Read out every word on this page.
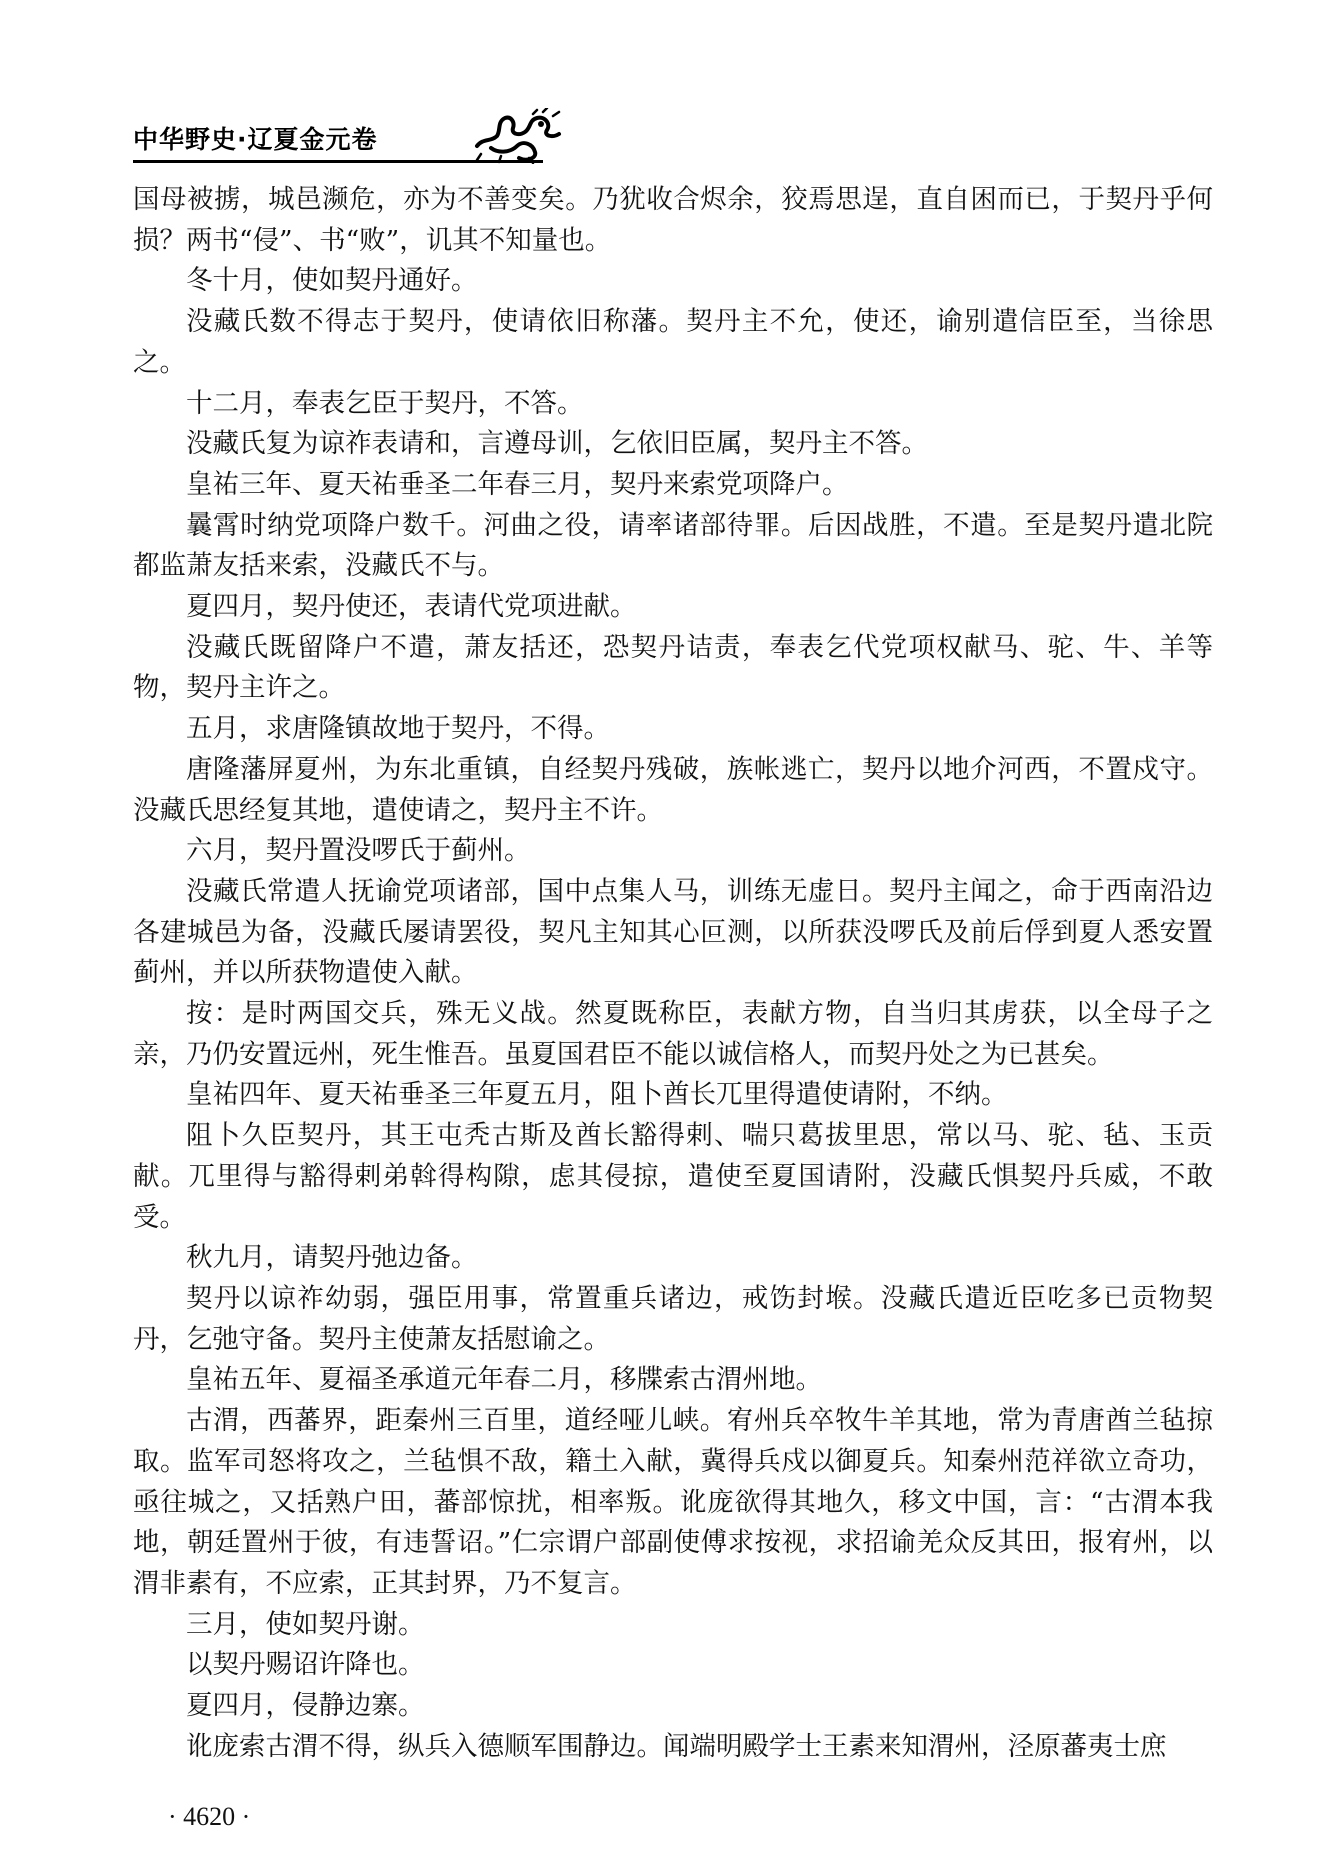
中华野史·辽夏金元卷

国母被掳，城邑濒危，亦为不善变矣。乃犹收合烬余，狡焉思逞，直自困而已，于契丹乎何损？两书“侵”、书“败”，讥其不知量也。

冬十月，使如契丹通好。

没藏氏数不得志于契丹，使请依旧称藩。契丹主不允，使还，谕别遣信臣至，当徐思之。

十二月，奉表乞臣于契丹，不答。

没藏氏复为谅祚表请和，言遵母训，乞依旧臣属，契丹主不答。

皇祐三年、夏天祐垂圣二年春三月，契丹来索党项降户。

曩霄时纳党项降户数千。河曲之役，请率诸部待罪。后因战胜，不遣。至是契丹遣北院都监萧友括来索，没藏氏不与。

夏四月，契丹使还，表请代党项进献。

没藏氏既留降户不遣，萧友括还，恐契丹诘责，奉表乞代党项权献马、驼、牛、羊等物，契丹主许之。

五月，求唐隆镇故地于契丹，不得。

唐隆藩屏夏州，为东北重镇，自经契丹残破，族帐逃亡，契丹以地介河西，不置戍守。没藏氏思经复其地，遣使请之，契丹主不许。

六月，契丹置没啰氏于蓟州。

没藏氏常遣人抚谕党项诸部，国中点集人马，训练无虚日。契丹主闻之，命于西南沿边各建城邑为备，没藏氏屡请罢役，契凡主知其心叵测，以所获没啰氏及前后俘到夏人悉安置蓟州，并以所获物遣使入献。

按：是时两国交兵，殊无义战。然夏既称臣，表献方物，自当归其虏获，以全母子之亲，乃仍安置远州，死生惟吾。虽夏国君臣不能以诚信格人，而契丹处之为已甚矣。

皇祐四年、夏天祐垂圣三年夏五月，阻卜酋长兀里得遣使请附，不纳。

阻卜久臣契丹，其王屯秃古斯及酋长豁得剌、喘只葛拔里思，常以马、驼、毡、玉贡献。兀里得与豁得剌弟斡得构隙，虑其侵掠，遣使至夏国请附，没藏氏惧契丹兵威，不敢受。

秋九月，请契丹弛边备。

契丹以谅祚幼弱，强臣用事，常置重兵诸边，戒饬封堠。没藏氏遣近臣吃多已贡物契丹，乞弛守备。契丹主使萧友括慰谕之。

皇祐五年、夏福圣承道元年春二月，移牒索古渭州地。

古渭，西蕃界，距秦州三百里，道经哑儿峡。宥州兵卒牧牛羊其地，常为青唐酋兰毡掠取。监军司怒将攻之，兰毡惧不敌，籍土入献，冀得兵戍以御夏兵。知秦州范祥欲立奇功，亟往城之，又括熟户田，蕃部惊扰，相率叛。讹庞欲得其地久，移文中国，言：“古渭本我地，朝廷置州于彼，有违誓诏。”仁宗谓户部副使傅求按视，求招谕羌众反其田，报宥州，以渭非素有，不应索，正其封界，乃不复言。

三月，使如契丹谢。

以契丹赐诏许降也。

夏四月，侵静边寨。

讹庞索古渭不得，纵兵入德顺军围静边。闻端明殿学士王素来知渭州，泾原蕃夷士庶

· 4620 ·
